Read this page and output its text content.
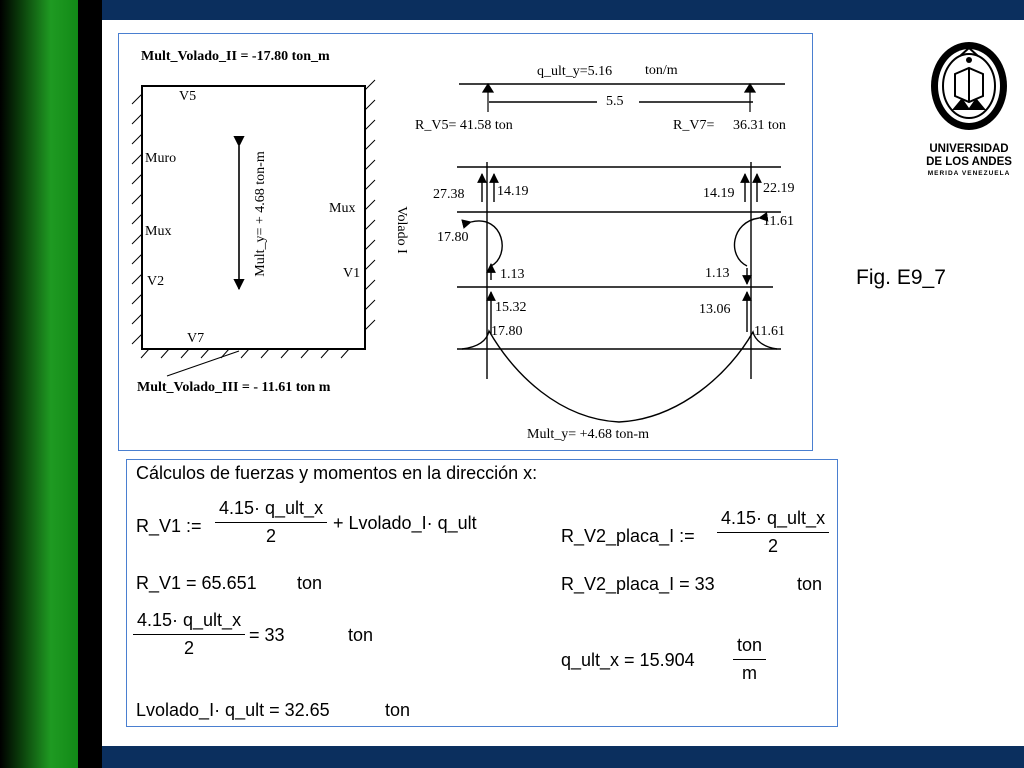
Mult_Volado_II = -17.80 ton_m
V5
Muro
Mux
V2
V7
Mux
V1
Volado I
Mult_y= + 4.68 ton-m
Mult_Volado_III = - 11.61 ton m
q_ult_y=5.16 ton/m
5.5
R_V5= 41.58 ton	R_V7= 36.31 ton
27.38 14.19
17.80
1.13
15.32
17.80
14.19 22.19
11.61
1.13
13.06
11.61
Mult_y= +4.68 ton-m
Cálculos de fuerzas y momentos en la dirección x:
R_V1 :=
4.15· q_ult_x
2
+ Lvolado_I· q_ult
R_V1 = 65.651 ton
4.15· q_ult_x
2
= 33	ton
Lvolado_I· q_ult = 32.65	ton
R_V2_placa_I :=
4.15· q_ult_x
2
R_V2_placa_I = 33	ton
q_ult_x = 15.904
ton
m
Fig. E9_7
UNIVERSIDAD
DE LOS ANDES
MERIDA VENEZUELA
